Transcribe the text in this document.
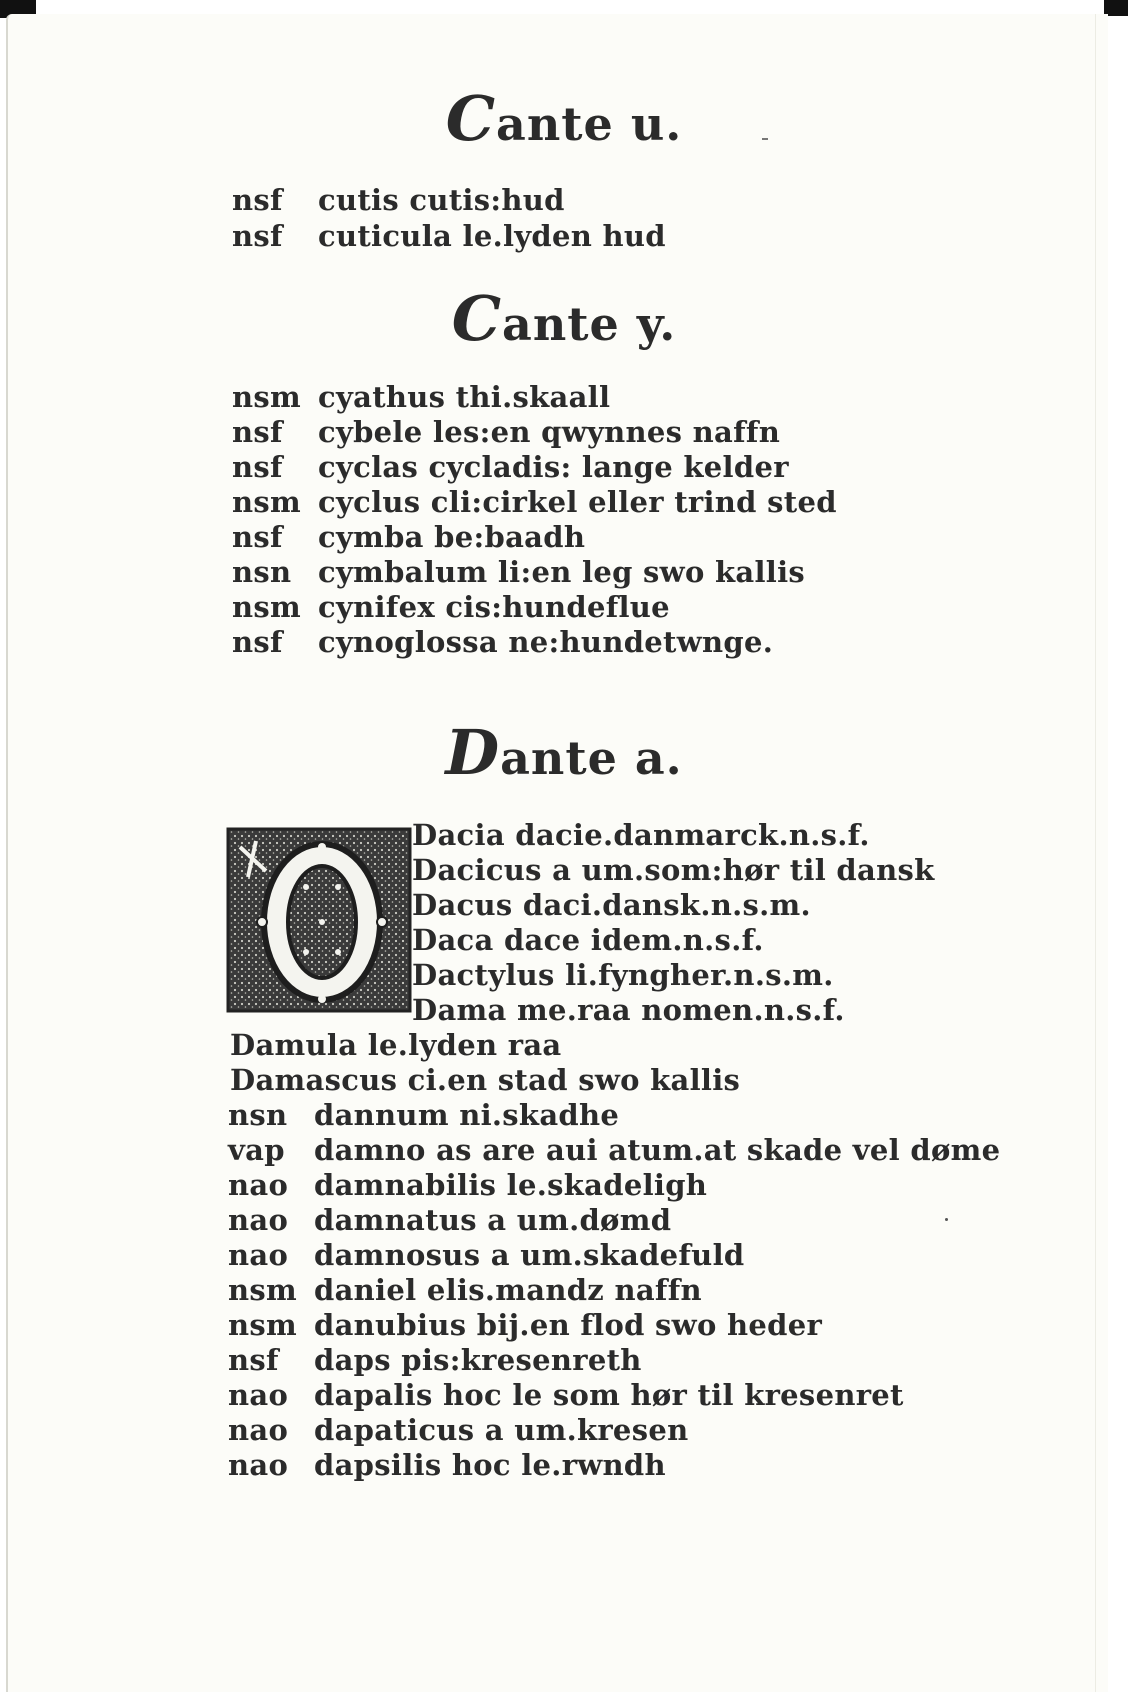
Cante u.
nsf cutis cutis:hud
nsf cuticula le.lyden hud
Cante y.
nsm cyathus thi.skaall
nsf cybele les:en qwynnes naffn
nsf cyclas cycladis: lange kelder
nsm cyclus cli:cirkel eller trind sted
nsf cymba be:baadh
nsn cymbalum li:en leg swo kallis
nsm cynifex cis:hundeflue
nsf cynoglossa ne:hundetwnge.
Dante a.
Dacia dacie.danmarck.n.s.f.
Dacicus a um.som:hør til dansk
Dacus daci.dansk.n.s.m.
Daca dace idem.n.s.f.
Dactylus li.fyngher.n.s.m.
Dama me.raa nomen.n.s.f.
Damula le.lyden raa
Damascus ci.en stad swo kallis
nsn dannum ni.skadhe
vap damno as are aui atum.at skade vel døme
nao damnabilis le.skadeligh
nao damnatus a um.dømd
nao damnosus a um.skadefuld
nsm daniel elis.mandz naffn
nsm danubius bij.en flod swo heder
nsf daps pis:kresenreth
nao dapalis hoc le som hør til kresenret
nao dapaticus a um.kresen
nao dapsilis hoc le.rwndh
